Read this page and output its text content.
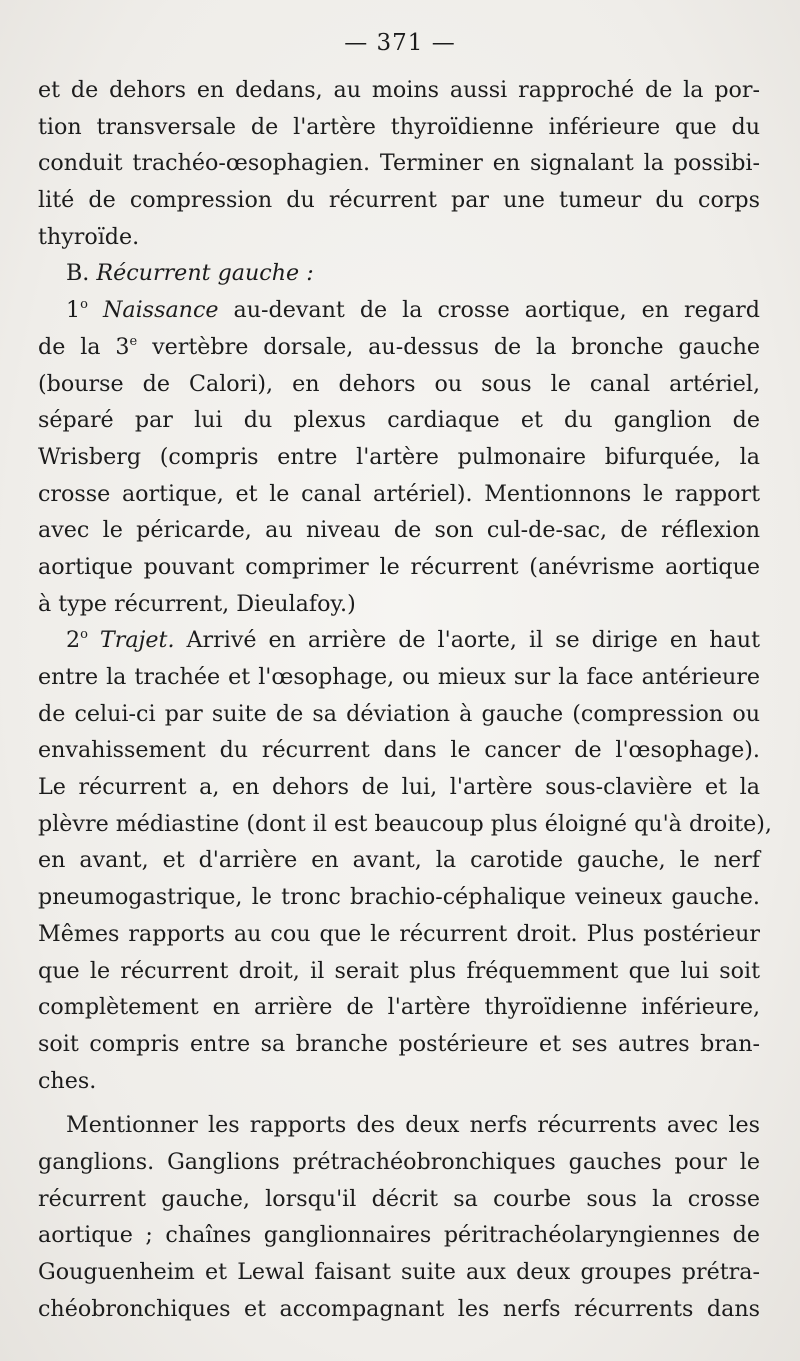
— 371 —
et de dehors en dedans, au moins aussi rapproché de la por-
tion transversale de l'artère thyroïdienne inférieure que du
conduit trachéo-œsophagien. Terminer en signalant la possibi-
lité de compression du récurrent par une tumeur du corps
thyroïde.
B. Récurrent gauche :
1$^o$ Naissance au-devant de la crosse aortique, en regard
de la 3e vertèbre dorsale, au-dessus de la bronche gauche
(bourse de Calori), en dehors ou sous le canal artériel,
séparé par lui du plexus cardiaque et du ganglion de
Wrisberg (compris entre l'artère pulmonaire bifurquée, la
crosse aortique, et le canal artériel). Mentionnons le rapport
avec le péricarde, au niveau de son cul-de-sac, de réflexion
aortique pouvant comprimer le récurrent (anévrisme aortique
à type récurrent, Dieulafoy.)
2$^o$ Trajet. Arrivé en arrière de l'aorte, il se dirige en haut
entre la trachée et l'œsophage, ou mieux sur la face antérieure
de celui-ci par suite de sa déviation à gauche (compression ou
envahissement du récurrent dans le cancer de l'œsophage).
Le récurrent a, en dehors de lui, l'artère sous-clavière et la
plèvre médiastine (dont il est beaucoup plus éloigné qu'à droite),
en avant, et d'arrière en avant, la carotide gauche, le nerf
pneumogastrique, le tronc brachio-céphalique veineux gauche.
Mêmes rapports au cou que le récurrent droit. Plus postérieur
que le récurrent droit, il serait plus fréquemment que lui soit
complètement en arrière de l'artère thyroïdienne inférieure,
soit compris entre sa branche postérieure et ses autres bran-
ches.
Mentionner les rapports des deux nerfs récurrents avec les
ganglions. Ganglions prétrachéobronchiques gauches pour le
récurrent gauche, lorsqu'il décrit sa courbe sous la crosse
aortique ; chaînes ganglionnaires péritrachéolaryngiennes de
Gouguenheim et Lewal faisant suite aux deux groupes prétra-
chéobronchiques et accompagnant les nerfs récurrents dans
